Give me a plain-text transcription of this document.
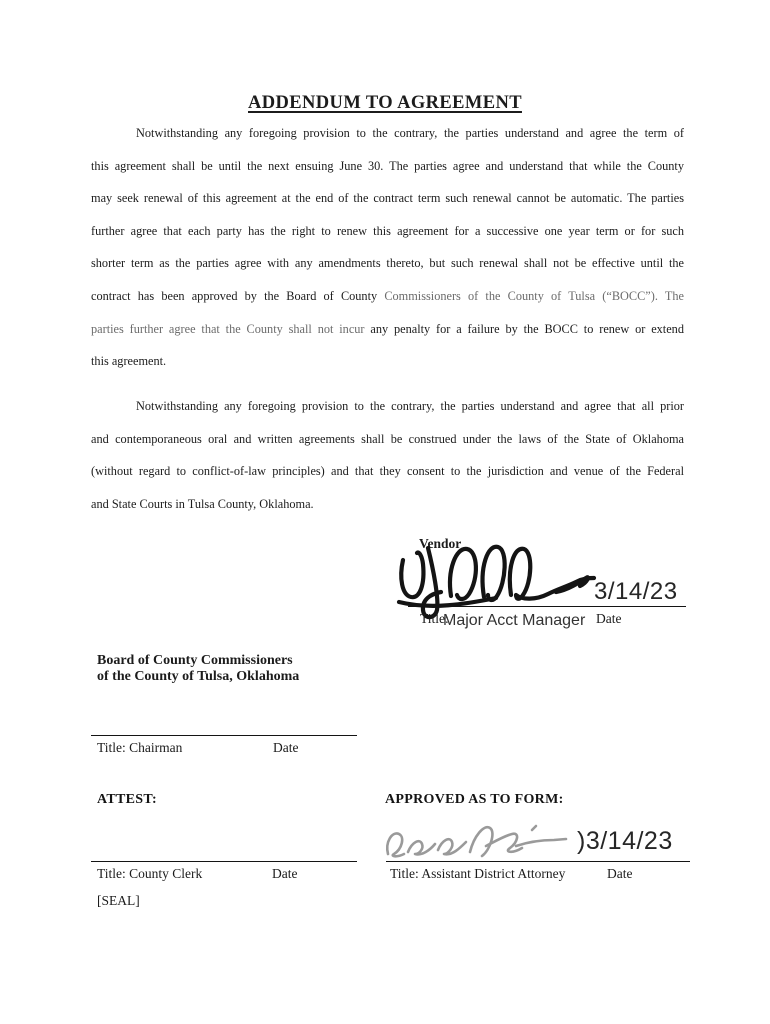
ADDENDUM TO AGREEMENT
Notwithstanding any foregoing provision to the contrary, the parties understand and agree the term of
this agreement shall be until the next ensuing June 30. The parties agree and understand that while the County
may seek renewal of this agreement at the end of the contract term such renewal cannot be automatic. The parties
further agree that each party has the right to renew this agreement for a successive one year term or for such
shorter term as the parties agree with any amendments thereto, but such renewal shall not be effective until the
contract has been approved by the Board of County Commissioners of the County of Tulsa (“BOCC”). The
parties further agree that the County shall not incur any penalty for a failure by the BOCC to renew or extend
this agreement.
Notwithstanding any foregoing provision to the contrary, the parties understand and agree that all prior
and contemporaneous oral and written agreements shall be construed under the laws of the State of Oklahoma
(without regard to conflict-of-law principles) and that they consent to the jurisdiction and venue of the Federal
and State Courts in Tulsa County, Oklahoma.
Vendor
3/14/23
Title:
Major Acct Manager Date
Board of County Commissioners
of the County of Tulsa, Oklahoma
Title: Chairman	Date
ATTEST:
Title: County Clerk	Date
[SEAL]
APPROVED AS TO FORM:
)3/14/23
Title: Assistant District Attorney	Date
